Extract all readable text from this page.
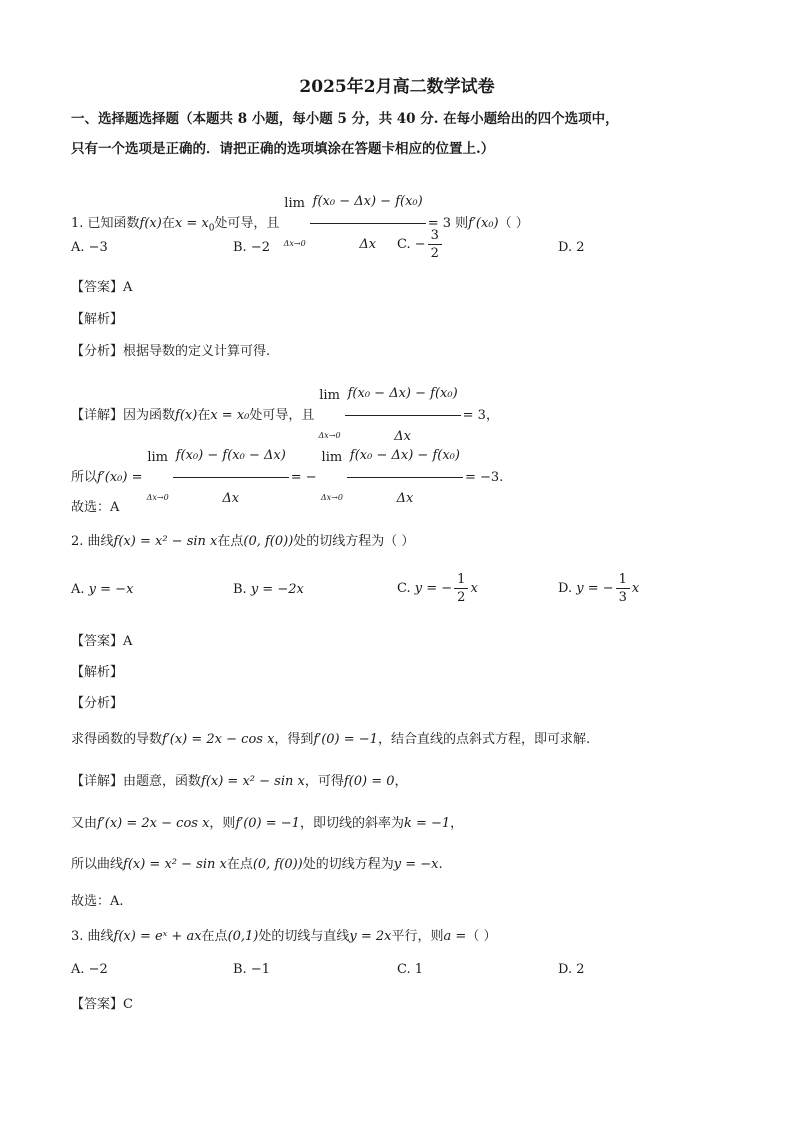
2025年2月高二数学试卷
一、选择题选择题（本题共 8 小题，每小题 5 分，共 40 分. 在每小题给出的四个选项中，
只有一个选项是正确的．请把正确的选项填涂在答题卡相应的位置上.）
1. 已知函数f(x)在$x = x_0$处可导，且
lim
$\Delta x\to 0 \frac{\text{f(x₀ − Δx) − f(x₀)}}{\Delta x} = 3$ 则f′(x₀)（ ）
A. −3	B. −2	C. − $\frac{3}{2}$	D. 2
【答案】A
【解析】
【分析】根据导数的定义计算可得.
【详解】因为函数f(x)在x = x₀处可导，且
lim
$\Delta x\to 0 \frac{\text{f(x₀ − Δx) − f(x₀)}}{\Delta x} = 3$，
所以f′(x₀) =
lim
$\Delta x\to 0 \frac{\text{f(x₀) − f(x₀ − Δx)}}{\Delta x}$ = −
lim
$\Delta x\to 0 \frac{\text{f(x₀ − Δx) − f(x₀)}}{\Delta x} = -3$.
故选：A
2. 曲线f(x) = x² − sin x在点(0, f(0))处的切线方程为（ ）
A. y = −x	B. y = −2x	C. y = − $\frac{1}{2}$ x	D. y = − $\frac{1}{3}$ x
【答案】A
【解析】
【分析】
求得函数的导数f′(x) = 2x − cos x，得到f′(0) = −1，结合直线的点斜式方程，即可求解.
【详解】由题意，函数f(x) = x² − sin x，可得f(0) = 0，
又由f′(x) = 2x − cos x，则f′(0) = −1，即切线的斜率为k = −1，
所以曲线f(x) = x² − sin x在点(0, f(0))处的切线方程为y = −x.
故选：A.
3. 曲线f(x) = eˣ + ax在点(0,1)处的切线与直线y = 2x平行，则a =（ ）
A. −2	B. −1	C. 1	D. 2
【答案】C
